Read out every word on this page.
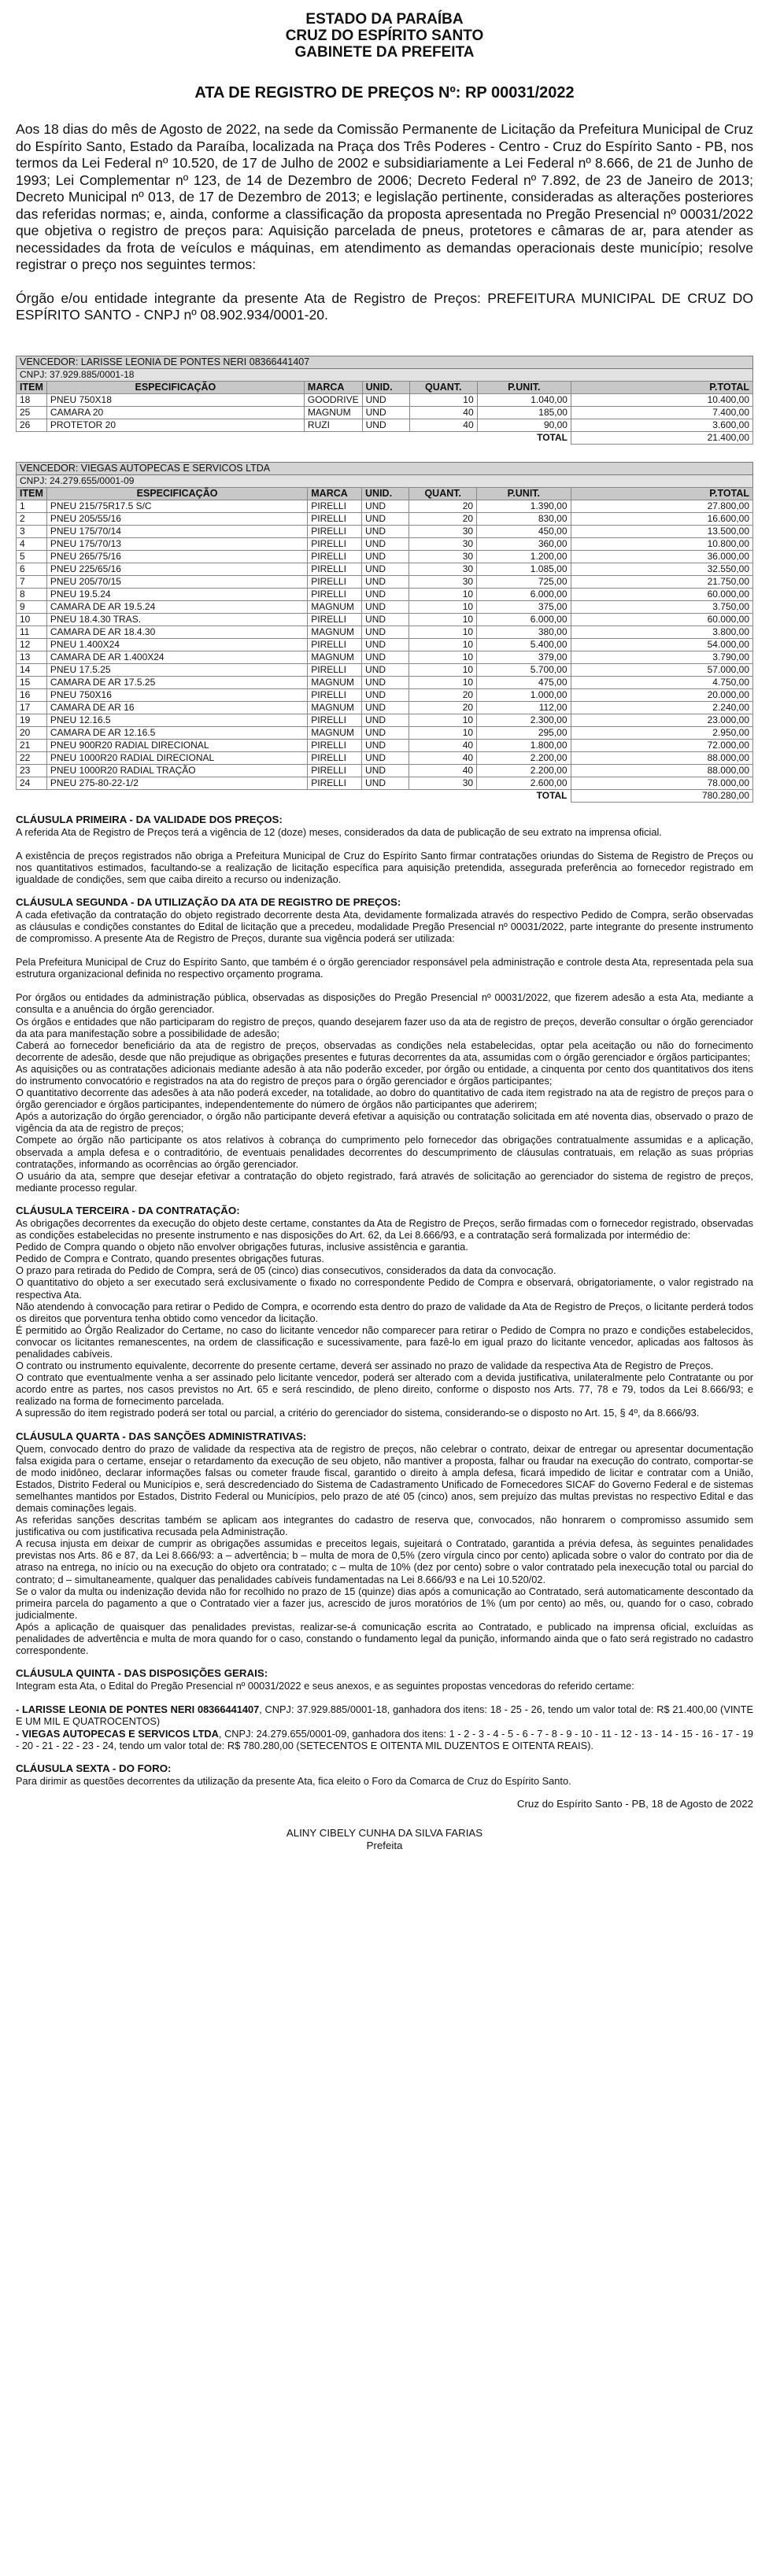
ESTADO DA PARAÍBA
CRUZ DO ESPÍRITO SANTO
GABINETE DA PREFEITA
ATA DE REGISTRO DE PREÇOS Nº: RP 00031/2022

Aos 18 dias do mês de Agosto de 2022, na sede da Comissão Permanente de Licitação da Prefeitura Municipal de Cruz do Espírito Santo, Estado da Paraíba, localizada na Praça dos Três Poderes - Centro - Cruz do Espírito Santo - PB, nos termos da Lei Federal nº 10.520, de 17 de Julho de 2002 e subsidiariamente a Lei Federal nº 8.666, de 21 de Junho de 1993; Lei Complementar nº 123, de 14 de Dezembro de 2006; Decreto Federal nº 7.892, de 23 de Janeiro de 2013; Decreto Municipal nº 013, de 17 de Dezembro de 2013; e legislação pertinente, consideradas as alterações posteriores das referidas normas; e, ainda, conforme a classificação da proposta apresentada no Pregão Presencial nº 00031/2022 que objetiva o registro de preços para: Aquisição parcelada de pneus, protetores e câmaras de ar, para atender as necessidades da frota de veículos e máquinas, em atendimento as demandas operacionais deste município; resolve registrar o preço nos seguintes termos:

Órgão e/ou entidade integrante da presente Ata de Registro de Preços: PREFEITURA MUNICIPAL DE CRUZ DO ESPÍRITO SANTO - CNPJ nº 08.902.934/0001-20.

VENCEDOR: LARISSE LEONIA DE PONTES NERI 08366441407						
CNPJ: 37.929.885/0001-18						
ITEM	ESPECIFICAÇÃO	MARCA	UNID.	QUANT.	P.UNIT.	P.TOTAL
18	PNEU 750X18	GOODRIVE	UND	10	1.040,00	10.400,00
25	CAMARA 20	MAGNUM	UND	40	185,00	7.400,00
26	PROTETOR 20	RUZI	UND	40	90,00	3.600,00
					TOTAL	21.400,00
VENCEDOR: VIEGAS AUTOPECAS E SERVICOS LTDA						
CNPJ: 24.279.655/0001-09						
ITEM	ESPECIFICAÇÃO	MARCA	UNID.	QUANT.	P.UNIT.	P.TOTAL
1	PNEU 215/75R17.5 S/C	PIRELLI	UND	20	1.390,00	27.800,00
2	PNEU 205/55/16	PIRELLI	UND	20	830,00	16.600,00
3	PNEU 175/70/14	PIRELLI	UND	30	450,00	13.500,00
4	PNEU 175/70/13	PIRELLI	UND	30	360,00	10.800,00
5	PNEU 265/75/16	PIRELLI	UND	30	1.200,00	36.000,00
6	PNEU 225/65/16	PIRELLI	UND	30	1.085,00	32.550,00
7	PNEU 205/70/15	PIRELLI	UND	30	725,00	21.750,00
8	PNEU 19.5.24	PIRELLI	UND	10	6.000,00	60.000,00
9	CAMARA DE AR 19.5.24	MAGNUM	UND	10	375,00	3.750,00
10	PNEU 18.4.30 TRAS.	PIRELLI	UND	10	6.000,00	60.000,00
11	CAMARA DE AR 18.4.30	MAGNUM	UND	10	380,00	3.800,00
12	PNEU 1.400X24	PIRELLI	UND	10	5.400,00	54.000,00
13	CAMARA DE AR 1.400X24	MAGNUM	UND	10	379,00	3.790,00
14	PNEU 17.5.25	PIRELLI	UND	10	5.700,00	57.000,00
15	CAMARA DE AR 17.5.25	MAGNUM	UND	10	475,00	4.750,00
16	PNEU 750X16	PIRELLI	UND	20	1.000,00	20.000,00
17	CAMARA DE AR 16	MAGNUM	UND	20	112,00	2.240,00
19	PNEU 12.16.5	PIRELLI	UND	10	2.300,00	23.000,00
20	CAMARA DE AR 12.16.5	MAGNUM	UND	10	295,00	2.950,00
21	PNEU 900R20 RADIAL DIRECIONAL	PIRELLI	UND	40	1.800,00	72.000,00
22	PNEU 1000R20 RADIAL DIRECIONAL	PIRELLI	UND	40	2.200,00	88.000,00
23	PNEU 1000R20 RADIAL TRAÇÃO	PIRELLI	UND	40	2.200,00	88.000,00
24	PNEU 275-80-22-1/2	PIRELLI	UND	30	2.600,00	78.000,00
					TOTAL	780.280,00
CLÁUSULA PRIMEIRA - DA VALIDADE DOS PREÇOS:

A referida Ata de Registro de Preços terá a vigência de 12 (doze) meses, considerados da data de publicação de seu extrato na imprensa oficial.

A existência de preços registrados não obriga a Prefeitura Municipal de Cruz do Espírito Santo firmar contratações oriundas do Sistema de Registro de Preços ou nos quantitativos estimados, facultando-se a realização de licitação específica para aquisição pretendida, assegurada preferência ao fornecedor registrado em igualdade de condições, sem que caiba direito a recurso ou indenização.

CLÁUSULA SEGUNDA - DA UTILIZAÇÃO DA ATA DE REGISTRO DE PREÇOS:

A cada efetivação da contratação do objeto registrado decorrente desta Ata, devidamente formalizada através do respectivo Pedido de Compra, serão observadas as cláusulas e condições constantes do Edital de licitação que a precedeu, modalidade Pregão Presencial nº 00031/2022, parte integrante do presente instrumento de compromisso. A presente Ata de Registro de Preços, durante sua vigência poderá ser utilizada:

Pela Prefeitura Municipal de Cruz do Espírito Santo, que também é o órgão gerenciador responsável pela administração e controle desta Ata, representada pela sua estrutura organizacional definida no respectivo orçamento programa.

Por órgãos ou entidades da administração pública, observadas as disposições do Pregão Presencial nº 00031/2022, que fizerem adesão a esta Ata, mediante a consulta e a anuência do órgão gerenciador.

Os órgãos e entidades que não participaram do registro de preços, quando desejarem fazer uso da ata de registro de preços, deverão consultar o órgão gerenciador da ata para manifestação sobre a possibilidade de adesão;

Caberá ao fornecedor beneficiário da ata de registro de preços, observadas as condições nela estabelecidas, optar pela aceitação ou não do fornecimento decorrente de adesão, desde que não prejudique as obrigações presentes e futuras decorrentes da ata, assumidas com o órgão gerenciador e órgãos participantes;

As aquisições ou as contratações adicionais mediante adesão à ata não poderão exceder, por órgão ou entidade, a cinquenta por cento dos quantitativos dos itens do instrumento convocatório e registrados na ata do registro de preços para o órgão gerenciador e órgãos participantes;

O quantitativo decorrente das adesões à ata não poderá exceder, na totalidade, ao dobro do quantitativo de cada item registrado na ata de registro de preços para o órgão gerenciador e órgãos participantes, independentemente do número de órgãos não participantes que aderirem;

Após a autorização do órgão gerenciador, o órgão não participante deverá efetivar a aquisição ou contratação solicitada em até noventa dias, observado o prazo de vigência da ata de registro de preços;

Compete ao órgão não participante os atos relativos à cobrança do cumprimento pelo fornecedor das obrigações contratualmente assumidas e a aplicação, observada a ampla defesa e o contraditório, de eventuais penalidades decorrentes do descumprimento de cláusulas contratuais, em relação as suas próprias contratações, informando as ocorrências ao órgão gerenciador.

O usuário da ata, sempre que desejar efetivar a contratação do objeto registrado, fará através de solicitação ao gerenciador do sistema de registro de preços, mediante processo regular.

CLÁUSULA TERCEIRA - DA CONTRATAÇÃO:

As obrigações decorrentes da execução do objeto deste certame, constantes da Ata de Registro de Preços, serão firmadas com o fornecedor registrado, observadas as condições estabelecidas no presente instrumento e nas disposições do Art. 62, da Lei 8.666/93, e a contratação será formalizada por intermédio de:

Pedido de Compra quando o objeto não envolver obrigações futuras, inclusive assistência e garantia.

Pedido de Compra e Contrato, quando presentes obrigações futuras.

O prazo para retirada do Pedido de Compra, será de 05 (cinco) dias consecutivos, considerados da data da convocação.

O quantitativo do objeto a ser executado será exclusivamente o fixado no correspondente Pedido de Compra e observará, obrigatoriamente, o valor registrado na respectiva Ata.

Não atendendo à convocação para retirar o Pedido de Compra, e ocorrendo esta dentro do prazo de validade da Ata de Registro de Preços, o licitante perderá todos os direitos que porventura tenha obtido como vencedor da licitação.

É permitido ao Órgão Realizador do Certame, no caso do licitante vencedor não comparecer para retirar o Pedido de Compra no prazo e condições estabelecidos, convocar os licitantes remanescentes, na ordem de classificação e sucessivamente, para fazê-lo em igual prazo do licitante vencedor, aplicadas aos faltosos às penalidades cabíveis.

O contrato ou instrumento equivalente, decorrente do presente certame, deverá ser assinado no prazo de validade da respectiva Ata de Registro de Preços.

O contrato que eventualmente venha a ser assinado pelo licitante vencedor, poderá ser alterado com a devida justificativa, unilateralmente pelo Contratante ou por acordo entre as partes, nos casos previstos no Art. 65 e será rescindido, de pleno direito, conforme o disposto nos Arts. 77, 78 e 79, todos da Lei 8.666/93; e realizado na forma de fornecimento parcelada.

A supressão do item registrado poderá ser total ou parcial, a critério do gerenciador do sistema, considerando-se o disposto no Art. 15, § 4º, da 8.666/93.

CLÁUSULA QUARTA - DAS SANÇÕES ADMINISTRATIVAS:

Quem, convocado dentro do prazo de validade da respectiva ata de registro de preços, não celebrar o contrato, deixar de entregar ou apresentar documentação falsa exigida para o certame, ensejar o retardamento da execução de seu objeto, não mantiver a proposta, falhar ou fraudar na execução do contrato, comportar-se de modo inidôneo, declarar informações falsas ou cometer fraude fiscal, garantido o direito à ampla defesa, ficará impedido de licitar e contratar com a União, Estados, Distrito Federal ou Municípios e, será descredenciado do Sistema de Cadastramento Unificado de Fornecedores SICAF do Governo Federal e de sistemas semelhantes mantidos por Estados, Distrito Federal ou Municípios, pelo prazo de até 05 (cinco) anos, sem prejuízo das multas previstas no respectivo Edital e das demais cominações legais.

As referidas sanções descritas também se aplicam aos integrantes do cadastro de reserva que, convocados, não honrarem o compromisso assumido sem justificativa ou com justificativa recusada pela Administração.

A recusa injusta em deixar de cumprir as obrigações assumidas e preceitos legais, sujeitará o Contratado, garantida a prévia defesa, às seguintes penalidades previstas nos Arts. 86 e 87, da Lei 8.666/93: a – advertência; b – multa de mora de 0,5% (zero vírgula cinco por cento) aplicada sobre o valor do contrato por dia de atraso na entrega, no início ou na execução do objeto ora contratado; c – multa de 10% (dez por cento) sobre o valor contratado pela inexecução total ou parcial do contrato; d – simultaneamente, qualquer das penalidades cabíveis fundamentadas na Lei 8.666/93 e na Lei 10.520/02.

Se o valor da multa ou indenização devida não for recolhido no prazo de 15 (quinze) dias após a comunicação ao Contratado, será automaticamente descontado da primeira parcela do pagamento a que o Contratado vier a fazer jus, acrescido de juros moratórios de 1% (um por cento) ao mês, ou, quando for o caso, cobrado judicialmente.

Após a aplicação de quaisquer das penalidades previstas, realizar-se-á comunicação escrita ao Contratado, e publicado na imprensa oficial, excluídas as penalidades de advertência e multa de mora quando for o caso, constando o fundamento legal da punição, informando ainda que o fato será registrado no cadastro correspondente.

CLÁUSULA QUINTA - DAS DISPOSIÇÕES GERAIS:

Integram esta Ata, o Edital do Pregão Presencial nº 00031/2022 e seus anexos, e as seguintes propostas vencedoras do referido certame:

- LARISSE LEONIA DE PONTES NERI 08366441407, CNPJ: 37.929.885/0001-18, ganhadora dos itens: 18 - 25 - 26, tendo um valor total de: R$ 21.400,00 (VINTE E UM MIL E QUATROCENTOS)

- VIEGAS AUTOPECAS E SERVICOS LTDA, CNPJ: 24.279.655/0001-09, ganhadora dos itens: 1 - 2 - 3 - 4 - 5 - 6 - 7 - 8 - 9 - 10 - 11 - 12 - 13 - 14 - 15 - 16 - 17 - 19 - 20 - 21 - 22 - 23 - 24, tendo um valor total de: R$ 780.280,00 (SETECENTOS E OITENTA MIL DUZENTOS E OITENTA REAIS).

CLÁUSULA SEXTA - DO FORO:

Para dirimir as questões decorrentes da utilização da presente Ata, fica eleito o Foro da Comarca de Cruz do Espírito Santo.

Cruz do Espírito Santo - PB, 18 de Agosto de 2022
ALINY CIBELY CUNHA DA SILVA FARIAS
Prefeita
